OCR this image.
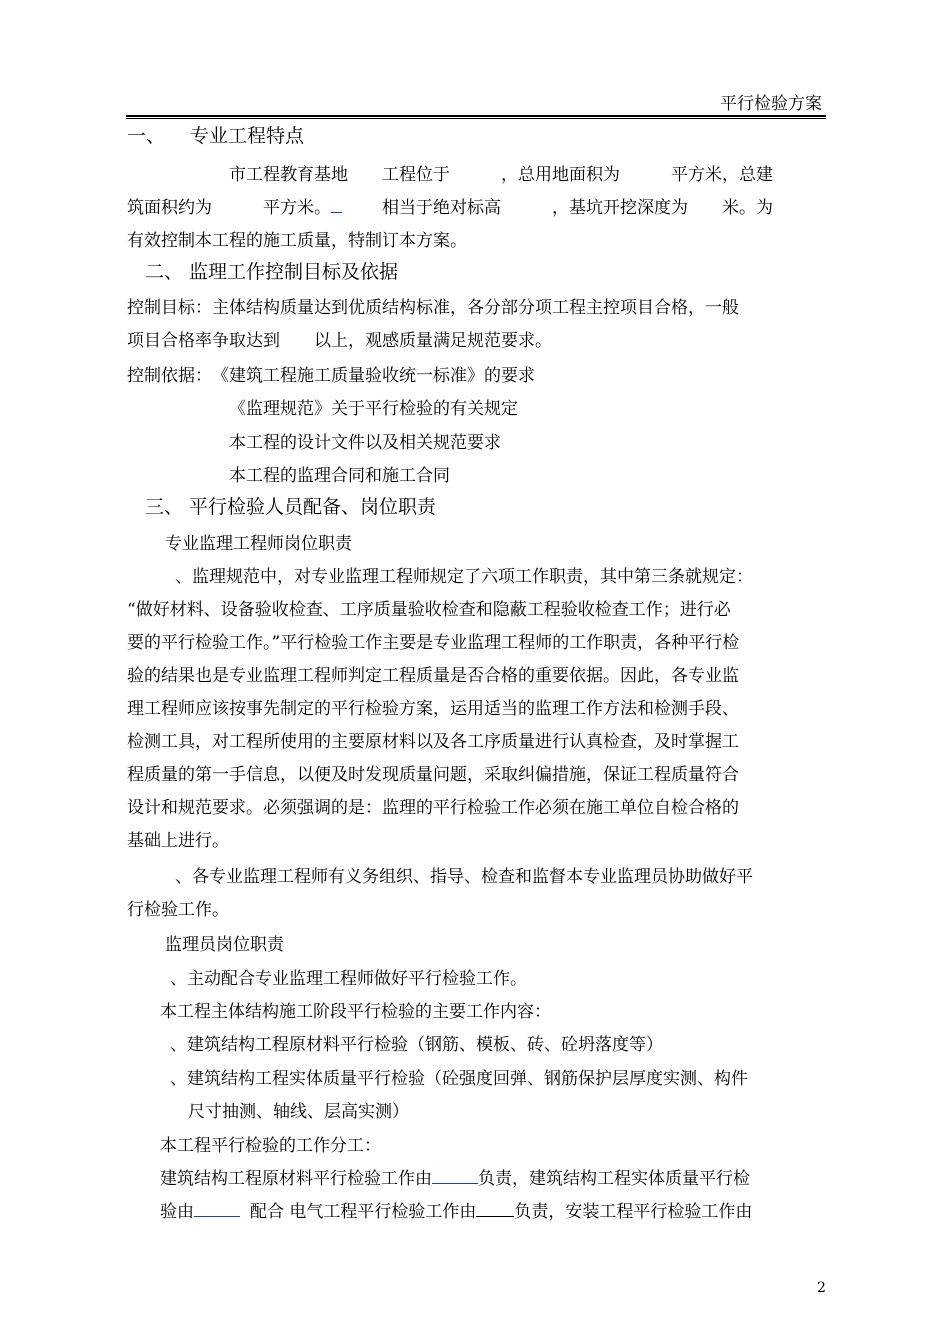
平行检验方案
一、 专业工程特点
市工程教育基地　　工程位于　　　，总用地面积为　　　平方米，总建
筑面积约为　　　平方米。	相当于绝对标高　　　，基坑开挖深度为　　米。为
有效控制本工程的施工质量，特制订本方案。
二、 监理工作控制目标及依据
控制目标：主体结构质量达到优质结构标准，各分部分项工程主控项目合格，一般
项目合格率争取达到　　以上，观感质量满足规范要求。
控制依据：　《建筑工程施工质量验收统一标准》的要求
《监理规范》关于平行检验的有关规定
本工程的设计文件以及相关规范要求
本工程的监理合同和施工合同
三、 平行检验人员配备、岗位职责
专业监理工程师岗位职责
、监理规范中，对专业监理工程师规定了六项工作职责，其中第三条就规定：
“做好材料、设备验收检查、工序质量验收检查和隐蔽工程验收检查工作；进行必
要的平行检验工作。”平行检验工作主要是专业监理工程师的工作职责，各种平行检
验的结果也是专业监理工程师判定工程质量是否合格的重要依据。因此，各专业监
理工程师应该按事先制定的平行检验方案，运用适当的监理工作方法和检测手段、
检测工具，对工程所使用的主要原材料以及各工序质量进行认真检查，及时掌握工
程质量的第一手信息，以便及时发现质量问题，采取纠偏措施，保证工程质量符合
设计和规范要求。必须强调的是：监理的平行检验工作必须在施工单位自检合格的
基础上进行。
、各专业监理工程师有义务组织、指导、检查和监督本专业监理员协助做好平
行检验工作。
监理员岗位职责
、主动配合专业监理工程师做好平行检验工作。
本工程主体结构施工阶段平行检验的主要工作内容：
、建筑结构工程原材料平行检验（钢筋、模板、砖、砼坍落度等）
、建筑结构工程实体质量平行检验（砼强度回弹、钢筋保护层厚度实测、构件
尺寸抽测、轴线、层高实测）
本工程平行检验的工作分工：
建筑结构工程原材料平行检验工作由	负责，建筑结构工程实体质量平行检
验由	配合 电气工程平行检验工作由 负责，安装工程平行检验工作由
2
